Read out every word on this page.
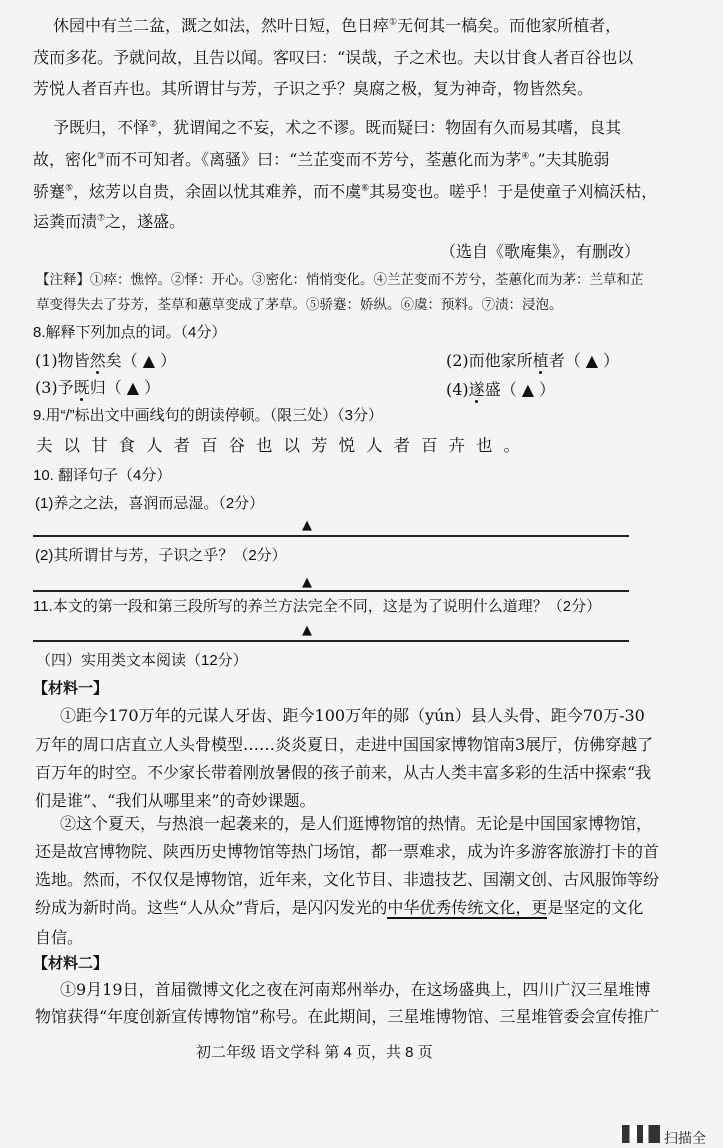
休园中有兰二盆，溉之如法，然叶日短，色日瘁①无何其一槁矣。而他家所植者，
茂而多花。予就问故，且告以闻。客叹曰：“误哉，子之术也。夫以甘食人者百谷也以
芳悦人者百卉也。其所谓甘与芳，子识之乎？臭腐之极，复为神奇，物皆然矣。
予既归，不怿②，犹谓闻之不妄，术之不谬。既而疑曰：物固有久而易其嗜，良其
故，密化③而不可知者。《离骚》曰：“兰芷变而不芳兮，荃蕙化而为茅④。”夫其脆弱
骄蹇⑤，炫芳以自贵，余固以忧其难养，而不虞⑥其易变也。嗟乎！于是使童子刈槁沃枯，
运粪而渍⑦之，遂盛。
（选自《歌庵集》，有删改）
【注释】①瘁：憔悴。②怿：开心。③密化：悄悄变化。④兰芷变而不芳兮，荃蕙化而为茅：兰草和芷
草变得失去了芬芳，荃草和蕙草变成了茅草。⑤骄蹇：娇纵。⑥虞：预料。⑦渍：浸泡。
8.解释下列加点的词。（4分）
(1)物皆然矣（ ▲ ）	(2)而他家所植者（ ▲ ）
(3)予既归（ ▲ ）	(4)遂盛（ ▲ ）
9.用“/”标出文中画线句的朗读停顿。（限三处）（3分）
夫以甘食人者百谷也以芳悦人者百卉也。
10. 翻译句子（4分）
(1)养之之法，喜润而忌湿。（2分）
▲
(2)其所谓甘与芳，子识之乎？（2分）
▲
11.本文的第一段和第三段所写的养兰方法完全不同，这是为了说明什么道理？（2分）
▲
（四）实用类文本阅读（12分）
【材料一】
①距今170万年的元谋人牙齿、距今100万年的郧（yún）县人头骨、距今70万-30
万年的周口店直立人头骨模型……炎炎夏日，走进中国国家博物馆南3展厅，仿佛穿越了
百万年的时空。不少家长带着刚放暑假的孩子前来，从古人类丰富多彩的生活中探索“我
们是谁”、“我们从哪里来”的奇妙课题。
②这个夏天，与热浪一起袭来的，是人们逛博物馆的热情。无论是中国国家博物馆，
还是故宫博物院、陕西历史博物馆等热门场馆，都一票难求，成为许多游客旅游打卡的首
选地。然而，不仅仅是博物馆，近年来，文化节目、非遗技艺、国潮文创、古风服饰等纷
纷成为新时尚。这些“人从众”背后，是闪闪发光的中华优秀传统文化，更是坚定的文化
自信。
【材料二】
①9月19日，首届微博文化之夜在河南郑州举办，在这场盛典上，四川广汉三星堆博
物馆获得“年度创新宣传博物馆”称号。在此期间，三星堆博物馆、三星堆管委会宣传推广
初二年级 语文学科 第 4 页，共 8 页
扫描全
